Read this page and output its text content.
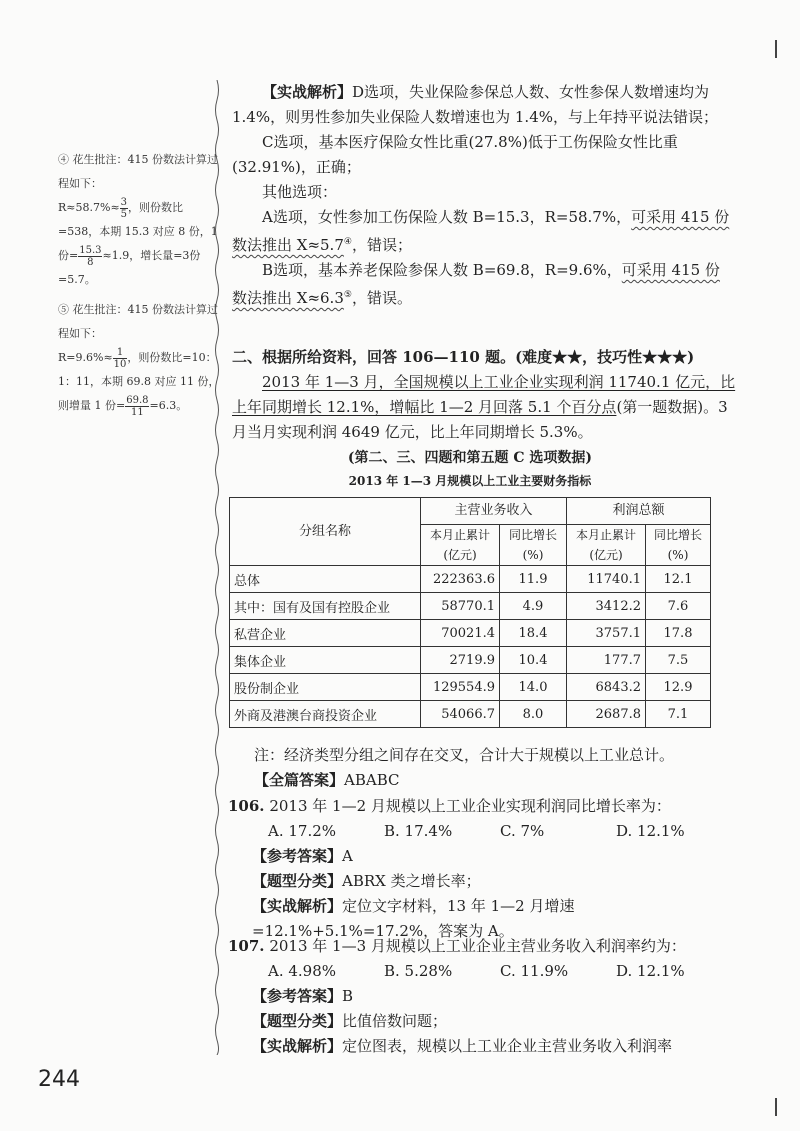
④ 花生批注：415 份数法计算过程如下：

$R\approx 58.7\%\approx \frac{3}{5}$ ，则份数比=538，本期 15.3 对应 8 份，1份= $\frac{15.3}{8} \approx 1.9$，增长量=3份=5.7。

⑤ 花生批注：415 份数法计算过程如下：

$R=9.6\%\approx \frac{1}{10}$ ，则份数比=10：1：11，本期 69.8 对应 11 份，则增量 1 份= $\frac{69.8}{11} =6.3$。

【实战解析】D选项，失业保险参保总人数、女性参保人数增速均为 1.4%，则男性参加失业保险人数增速也为 1.4%，与上年持平说法错误；

C选项，基本医疗保险女性比重(27.8%)低于工伤保险女性比重(32.91%)，正确；

其他选项：

A选项，女性参加工伤保险人数 B=15.3，R=58.7%，可采用 415 份数法推出 X≈5.7④，错误；

B选项，基本养老保险参保人数 B=69.8，R=9.6%，可采用 415 份数法推出 X≈6.3⑤，错误。

二、根据所给资料，回答 106—110 题。(难度★★，技巧性★★★)

2013 年 1—3 月，全国规模以上工业企业实现利润 11740.1 亿元，比上年同期增长 12.1%，增幅比 1—2 月回落 5.1 个百分点(第一题数据)。3月当月实现利润 4649 亿元，比上年同期增长 5.3%。

(第二、三、四题和第五题 C 选项数据)
2013 年 1—3 月规模以上工业主要财务指标
分组名称	主营业务收入		利润总额	
	本月止累计(亿元)	同比增长(%)	本月止累计(亿元)	同比增长(%)
总体	222363.6	11.9	11740.1	12.1
其中：国有及国有控股企业	58770.1	4.9	3412.2	7.6
私营企业	70021.4	18.4	3757.1	17.8
集体企业	2719.9	10.4	177.7	7.5
股份制企业	129554.9	14.0	6843.2	12.9
外商及港澳台商投资企业	54066.7	8.0	2687.8	7.1

注：经济类型分组之间存在交叉，合计大于规模以上工业总计。

【全篇答案】ABABC

106. 2013 年 1—2 月规模以上工业企业实现利润同比增长率为：

A. 17.2%	B. 17.4%	C. 7%	D. 12.1%

【参考答案】A

【题型分类】ABRX 类之增长率；

【实战解析】定位文字材料，13 年 1—2 月增速=12.1%+5.1%=17.2%，答案为 A。

107. 2013 年 1—3 月规模以上工业企业主营业务收入利润率约为：

A. 4.98%	B. 5.28%	C. 11.9%	D. 12.1%

【参考答案】B

【题型分类】比值倍数问题；

【实战解析】定位图表，规模以上工业企业主营业务收入利润率

244
